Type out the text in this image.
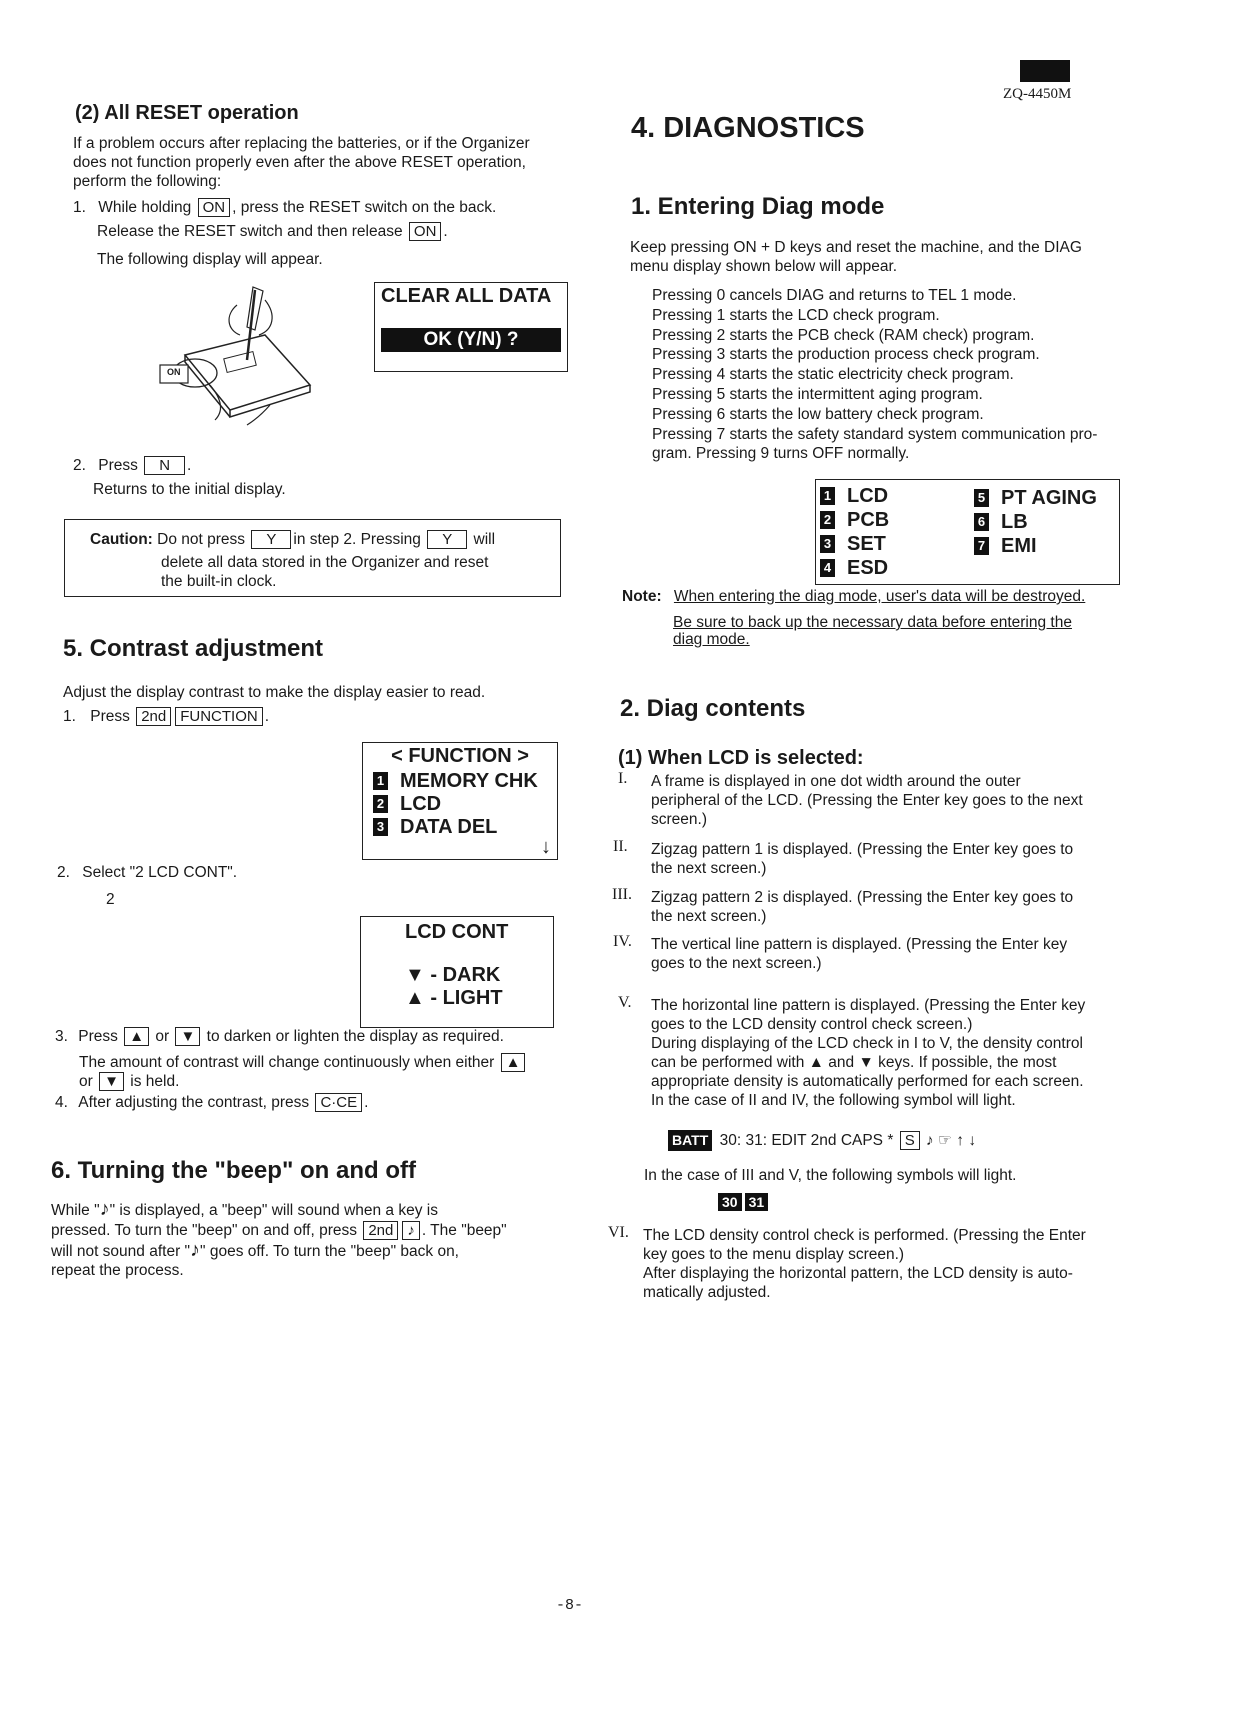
ZQ-4450M
(2) All RESET operation
If a problem occurs after replacing the batteries, or if the Organizer
does not function properly even after the above RESET operation,
perform the following:
1. While holding ON , press the RESET switch on the back.
Release the RESET switch and then release ON .
The following display will appear.
CLEAR ALL DATA
OK (Y/N) ?
ON
2. Press N .
Returns to the initial display.
Caution: Do not press Y in step 2. Pressing Y will
delete all data stored in the Organizer and reset
the built-in clock.
5. Contrast adjustment
Adjust the display contrast to make the display easier to read.
1. Press 2nd FUNCTION .
< FUNCTION >
1 MEMORY CHK
2 LCD
3 DATA DEL
↓
2. Select "2 LCD CONT".
2
LCD CONT
▼ - DARK
▲ - LIGHT
3. Press ▲ or ▼ to darken or lighten the display as required.
The amount of contrast will change continuously when either ▲
or ▼ is held.
4. After adjusting the contrast, press C·CE .
6. Turning the "beep" on and off
While "♪" is displayed, a "beep" will sound when a key is
pressed. To turn the "beep" on and off, press 2nd ♪ . The "beep"
will not sound after "♪" goes off. To turn the "beep" back on,
repeat the process.
4. DIAGNOSTICS
1. Entering Diag mode
Keep pressing ON + D keys and reset the machine, and the DIAG
menu display shown below will appear.
Pressing 0 cancels DIAG and returns to TEL 1 mode.
Pressing 1 starts the LCD check program.
Pressing 2 starts the PCB check (RAM check) program.
Pressing 3 starts the production process check program.
Pressing 4 starts the static electricity check program.
Pressing 5 starts the intermittent aging program.
Pressing 6 starts the low battery check program.
Pressing 7 starts the safety standard system communication pro-
gram. Pressing 9 turns OFF normally.
1 LCD
2 PCB
3 SET
4 ESD
5 PT AGING
6 LB
7 EMI
Note: When entering the diag mode, user's data will be destroyed.
Be sure to back up the necessary data before entering the
diag mode.
2. Diag contents
(1) When LCD is selected:
I. A frame is displayed in one dot width around the outer
peripheral of the LCD. (Pressing the Enter key goes to the next
screen.)
II. Zigzag pattern 1 is displayed. (Pressing the Enter key goes to
the next screen.)
III. Zigzag pattern 2 is displayed. (Pressing the Enter key goes to
the next screen.)
IV. The vertical line pattern is displayed. (Pressing the Enter key
goes to the next screen.)
V. The horizontal line pattern is displayed. (Pressing the Enter key
goes to the LCD density control check screen.)
During displaying of the LCD check in I to V, the density control
can be performed with ▲ and ▼ keys. If possible, the most
appropriate density is automatically performed for each screen.
In the case of II and IV, the following symbol will light.
BATT 30: 31: EDIT 2nd CAPS * S ♪ ☞ ↑ ↓
In the case of III and V, the following symbols will light.
30 31
VI. The LCD density control check is performed. (Pressing the Enter
key goes to the menu display screen.)
After displaying the horizontal pattern, the LCD density is auto-
matically adjusted.
-8-
